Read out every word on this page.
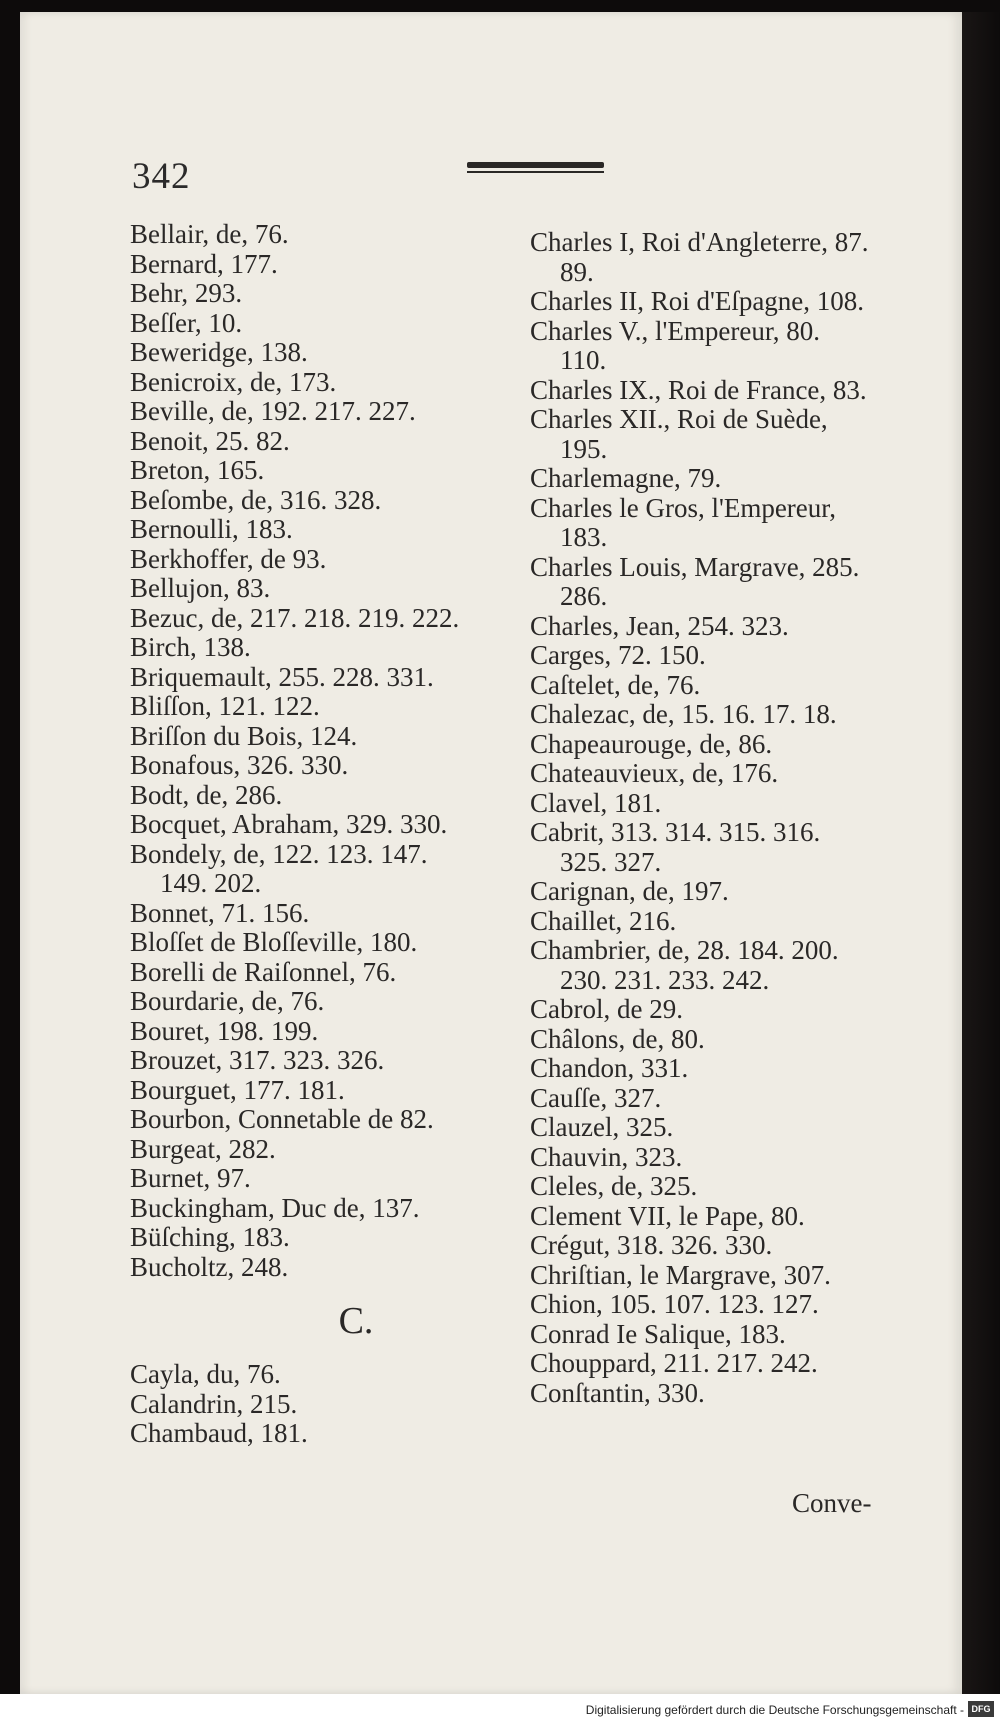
342
Bellair, de, 76.
Bernard, 177.
Behr, 293.
Beſſer, 10.
Beweridge, 138.
Benicroix, de, 173.
Beville, de, 192. 217. 227.
Benoit, 25. 82.
Breton, 165.
Beſombe, de, 316. 328.
Bernoulli, 183.
Berkhoffer, de 93.
Bellujon, 83.
Bezuc, de, 217. 218. 219. 222.
Birch, 138.
Briquemault, 255. 228. 331.
Bliſſon, 121. 122.
Briſſon du Bois, 124.
Bonafous, 326. 330.
Bodt, de, 286.
Bocquet, Abraham, 329. 330.
Bondely, de, 122. 123. 147.
149. 202.
Bonnet, 71. 156.
Bloſſet de Bloſſeville, 180.
Borelli de Raiſonnel, 76.
Bourdarie, de, 76.
Bouret, 198. 199.
Brouzet, 317. 323. 326.
Bourguet, 177. 181.
Bourbon, Connetable de 82.
Burgeat, 282.
Burnet, 97.
Buckingham, Duc de, 137.
Büſching, 183.
Bucholtz, 248.
C.
Cayla, du, 76.
Calandrin, 215.
Chambaud, 181.
Charles I, Roi d'Angleterre, 87.
89.
Charles II, Roi d'Eſpagne, 108.
Charles V., l'Empereur, 80.
110.
Charles IX., Roi de France, 83.
Charles XII., Roi de Suède,
195.
Charlemagne, 79.
Charles le Gros, l'Empereur,
183.
Charles Louis, Margrave, 285.
286.
Charles, Jean, 254. 323.
Carges, 72. 150.
Caſtelet, de, 76.
Chalezac, de, 15. 16. 17. 18.
Chapeaurouge, de, 86.
Chateauvieux, de, 176.
Clavel, 181.
Cabrit, 313. 314. 315. 316.
325. 327.
Carignan, de, 197.
Chaillet, 216.
Chambrier, de, 28. 184. 200.
230. 231. 233. 242.
Cabrol, de 29.
Châlons, de, 80.
Chandon, 331.
Cauſſe, 327.
Clauzel, 325.
Chauvin, 323.
Cleles, de, 325.
Clement VII, le Pape, 80.
Crégut, 318. 326. 330.
Chriſtian, le Margrave, 307.
Chion, 105. 107. 123. 127.
Conrad Ie Salique, 183.
Chouppard, 211. 217. 242.
Conſtantin, 330.
Conve-
Digitalisierung gefördert durch die Deutsche Forschungsgemeinschaft - DFG
